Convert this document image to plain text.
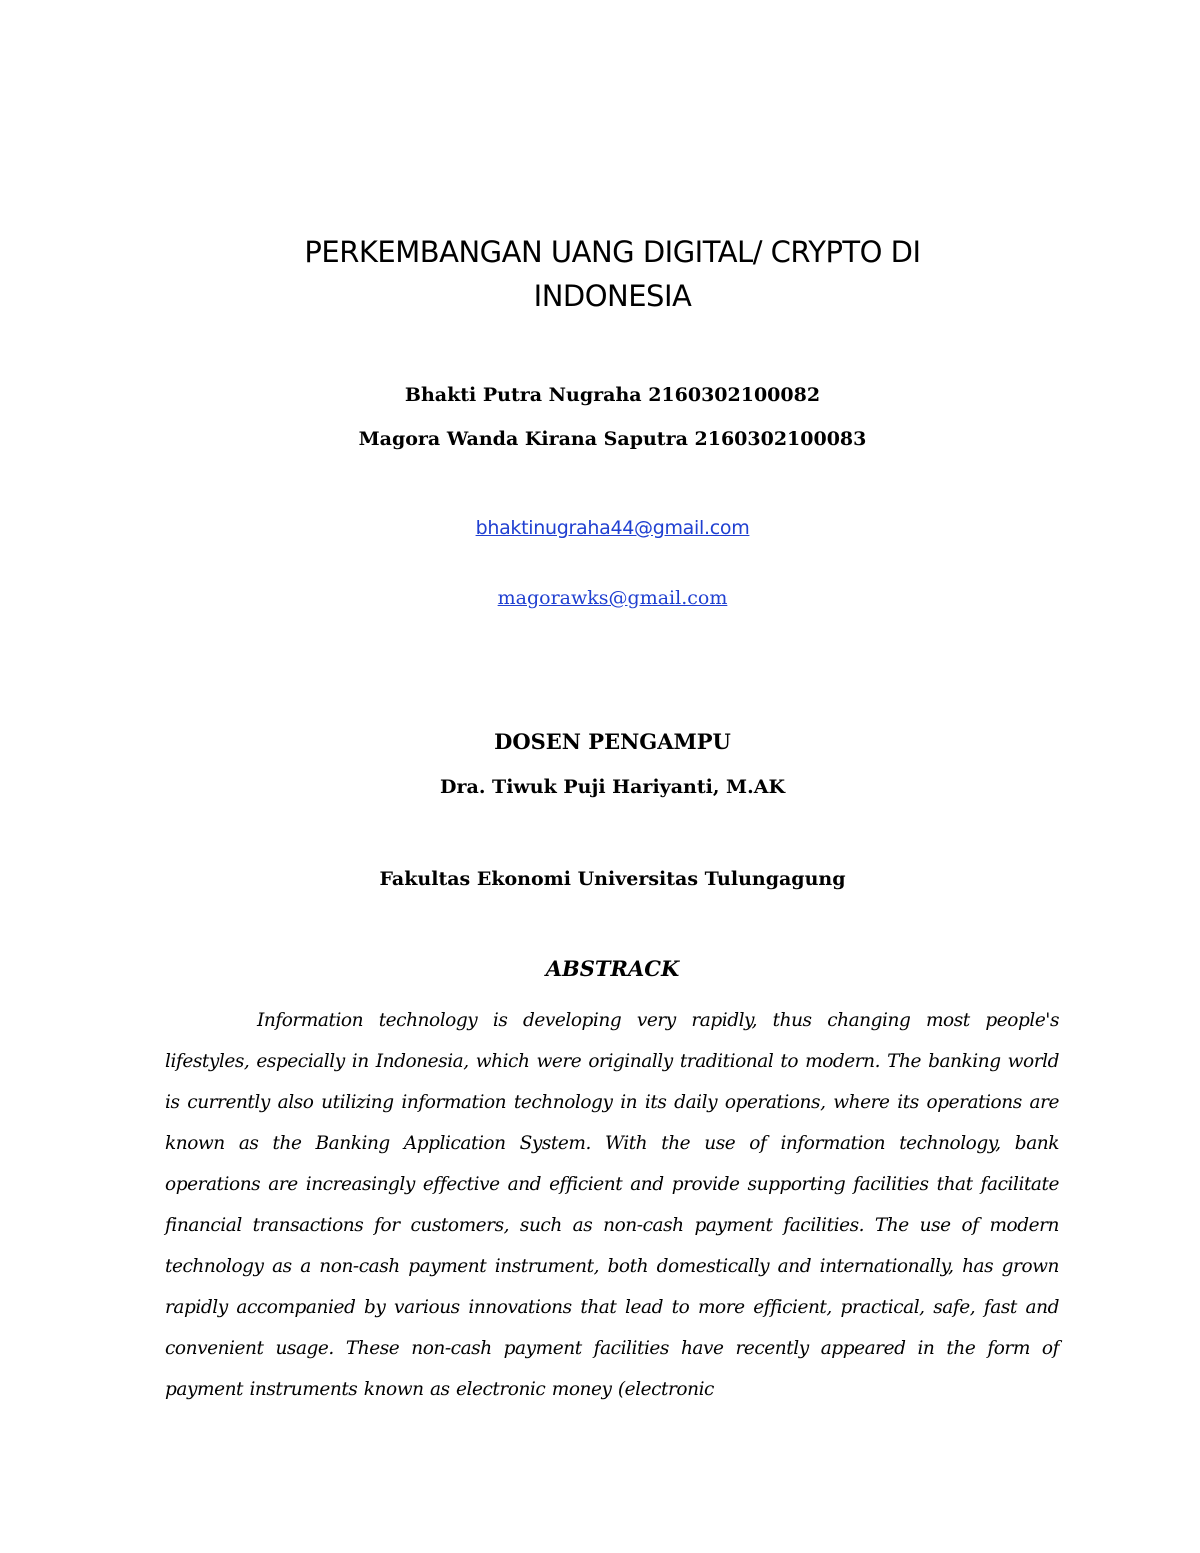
PERKEMBANGAN UANG DIGITAL/ CRYPTO DI
INDONESIA
Bhakti Putra Nugraha 2160302100082
Magora Wanda Kirana Saputra 2160302100083
bhaktinugraha44@gmail.com
magorawks@gmail.com
DOSEN PENGAMPU
Dra. Tiwuk Puji Hariyanti, M.AK
Fakultas Ekonomi Universitas Tulungagung
ABSTRACK

Information technology is developing very rapidly, thus changing most people's lifestyles, especially in Indonesia, which were originally traditional to modern. The banking world is currently also utilizing information technology in its daily operations, where its operations are known as the Banking Application System. With the use of information technology, bank operations are increasingly effective and efficient and provide supporting facilities that facilitate financial transactions for customers, such as non-cash payment facilities. The use of modern technology as a non-cash payment instrument, both domestically and internationally, has grown rapidly accompanied by various innovations that lead to more efficient, practical, safe, fast and convenient usage. These non-cash payment facilities have recently appeared in the form of payment instruments known as electronic money (electronic
